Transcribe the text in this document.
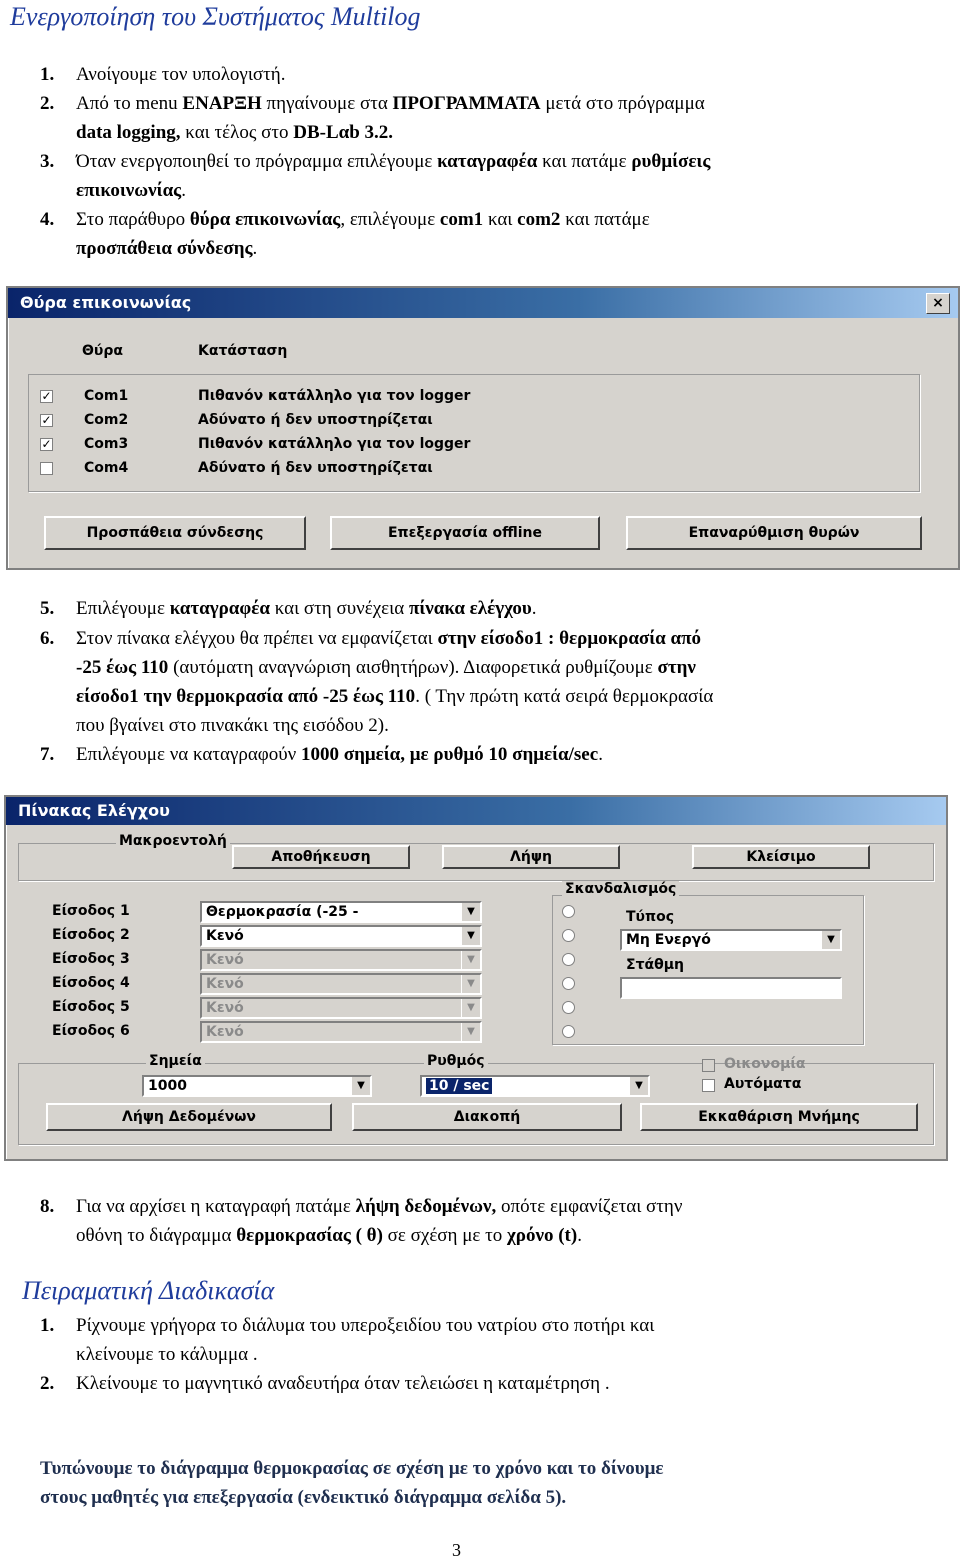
Ενεργοποίηση του Συστήματος Multilog
1. Ανοίγουμε τον υπολογιστή.
2. Από το menu ΕΝΑΡΞΗ πηγαίνουμε στα ΠΡΟΓΡΑΜΜΑΤΑ μετά στο πρόγραμμα
data logging, και τέλος στο DB-Lαb 3.2.
3. Όταν ενεργοποιηθεί το πρόγραμμα επιλέγουμε καταγραφέα και πατάμε ρυθμίσεις
επικοινωνίας.
4. Στο παράθυρο θύρα επικοινωνίας, επιλέγουμε com1 και com2 και πατάμε
προσπάθεια σύνδεσης.
Θύρα επικοινωνίας	×
Θύρα	Κατάσταση
✓ Com1	Πιθανόν κατάλληλο για τον logger
✓ Com2	Αδύνατο ή δεν υποστηρίζεται
✓ Com3	Πιθανόν κατάλληλο για τον logger
Com4	Αδύνατο ή δεν υποστηρίζεται
Προσπάθεια σύνδεσης	Επεξεργασία offline	Επαναρύθμιση θυρών
5. Επιλέγουμε καταγραφέα και στη συνέχεια πίνακα ελέγχου.
6. Στον πίνακα ελέγχου θα πρέπει να εμφανίζεται στην είσοδο1 : θερμοκρασία από
-25 έως 110 (αυτόματη αναγνώριση αισθητήρων). Διαφορετικά ρυθμίζουμε στην
είσοδο1 την θερμοκρασία από -25 έως 110. ( Την πρώτη κατά σειρά θερμοκρασία
που βγαίνει στο πινακάκι της εισόδου 2).
7. Επιλέγουμε να καταγραφούν 1000 σημεία, με ρυθμό 10 σημεία/sec.
Πίνακας Ελέγχου
Μακροεντολή
Αποθήκευση	Λήψη	Κλείσιμο
Είσοδος 1	Θερμοκρασία (-25 -	▼
Είσοδος 2	Κενό	▼
Είσοδος 3	Κενό	▼
Είσοδος 4	Κενό	▼
Είσοδος 5	Κενό	▼
Είσοδος 6	Κενό	▼
Σκανδαλισμός
Τύπος
Μη Ενεργό	▼
Στάθμη
Σημεία
1000	▼
Ρυθμός
10 / sec	▼
Οικονομία
Αυτόματα
Λήψη Δεδομένων	Διακοπή	Εκκαθάριση Μνήμης
8. Για να αρχίσει η καταγραφή πατάμε λήψη δεδομένων, οπότε εμφανίζεται στην
οθόνη το διάγραμμα θερμοκρασίας ( θ) σε σχέση με το χρόνο (t).
Πειραματική Διαδικασία
1. Ρίχνουμε γρήγορα το διάλυμα του υπεροξειδίου του νατρίου στο ποτήρι και
κλείνουμε το κάλυμμα .
2. Κλείνουμε το μαγνητικό αναδευτήρα όταν τελειώσει η καταμέτρηση .
Τυπώνουμε το διάγραμμα θερμοκρασίας σε σχέση με το χρόνο και το δίνουμε
στους μαθητές για επεξεργασία (ενδεικτικό διάγραμμα σελίδα 5).
3
